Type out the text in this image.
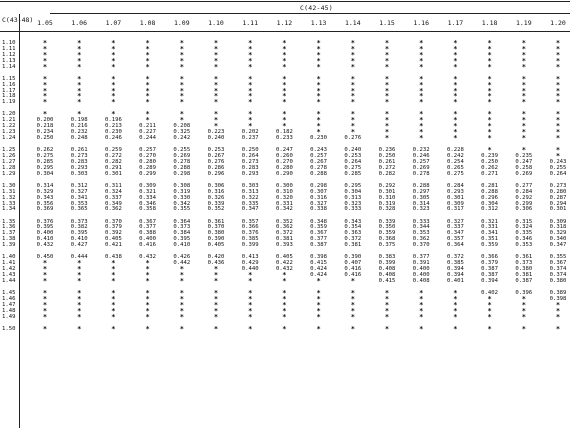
C(42-45)
C(43-48)
1.10	*	*	*	*	*	*	*	*	*	*	*	*	*	*	*	*
1.11	*	*	*	*	*	*	*	*	*	*	*	*	*	*	*	*
1.12	*	*	*	*	*	*	*	*	*	*	*	*	*	*	*	*
1.13	*	*	*	*	*	*	*	*	*	*	*	*	*	*	*	*
1.14	*	*	*	*	*	*	*	*	*	*	*	*	*	*	*	*
1.15	*	*	*	*	*	*	*	*	*	*	*	*	*	*	*	*
1.16	*	*	*	*	*	*	*	*	*	*	*	*	*	*	*	*
1.17	*	*	*	*	*	*	*	*	*	*	*	*	*	*	*	*
1.18	*	*	*	*	*	*	*	*	*	*	*	*	*	*	*	*
1.19	*	*	*	*	*	*	*	*	*	*	*	*	*	*	*	*
1.20	*	*	*	*	*	*	*	*	*	*	*	*	*	*	*	*
1.21	0.200	0.198	0.196	*	*	*	*	*	*	*	*	*	*	*	*	*
1.22	0.218	0.216	0.213	0.211	0.208	*	*	*	*	*	*	*	*	*	*	*
1.23	0.234	0.232	0.230	0.227	0.325	0.223	0.202	0.182	*	*	*	*	*	*	*	*
1.24	0.250	0.248	0.246	0.244	0.242	0.240	0.237	0.233	0.230	0.276	*	*	*	*	*	*
1.25	0.262	0.261	0.259	0.257	0.255	0.253	0.250	0.247	0.243	0.240	0.236	0.232	0.228	*	*	*
1.26	0.275	0.273	0.272	0.270	0.269	0.267	0.264	0.260	0.257	0.253	0.250	0.246	0.242	0.239	0.235	*
1.27	0.285	0.283	0.282	0.280	0.278	0.276	0.273	0.270	0.267	0.264	0.261	0.257	0.254	0.250	0.247	0.243
1.28	0.295	0.293	0.291	0.289	0.288	0.286	0.283	0.280	0.278	0.275	0.272	0.269	0.265	0.262	0.258	0.255
1.29	0.304	0.303	0.301	0.299	0.298	0.296	0.293	0.290	0.288	0.285	0.282	0.278	0.275	0.271	0.269	0.264
1.30	0.314	0.312	0.311	0.309	0.308	0.306	0.303	0.300	0.298	0.295	0.292	0.288	0.284	0.281	0.277	0.273
1.31	0.329	0.327	0.324	0.321	0.319	0.316	0.313	0.310	0.307	0.304	0.301	0.297	0.293	0.288	0.284	0.280
1.32	0.343	0.341	0.337	0.334	0.330	0.326	0.322	0.320	0.316	0.313	0.310	0.305	0.301	0.296	0.292	0.287
1.33	0.356	0.353	0.349	0.346	0.342	0.339	0.335	0.331	0.327	0.323	0.319	0.314	0.309	0.304	0.299	0.294
1.34	0.369	0.365	0.362	0.358	0.355	0.352	0.347	0.342	0.338	0.333	0.328	0.323	0.317	0.312	0.306	0.301
1.35	0.376	0.373	0.370	0.367	0.364	0.361	0.357	0.352	0.348	0.343	0.339	0.333	0.327	0.321	0.315	0.309
1.36	0.395	0.382	0.379	0.377	0.373	0.370	0.366	0.362	0.359	0.354	0.350	0.344	0.337	0.331	0.324	0.318
1.37	0.400	0.395	0.392	0.388	0.384	0.380	0.376	0.372	0.367	0.363	0.359	0.353	0.347	0.341	0.335	0.329
1.38	0.410	0.410	0.405	0.400	0.395	0.390	0.385	0.381	0.377	0.372	0.368	0.362	0.357	0.351	0.346	0.340
1.39	0.432	0.427	0.421	0.416	0.410	0.405	0.399	0.393	0.387	0.381	0.375	0.370	0.364	0.359	0.353	0.347
1.40	0.450	0.444	0.438	0.432	0.426	0.420	0.413	0.405	0.398	0.390	0.383	0.377	0.372	0.366	0.361	0.355
1.41	*	*	*	*	0.442	0.436	0.429	0.422	0.415	0.407	0.399	0.391	0.385	0.379	0.373	0.367
1.42	*	*	*	*	*	*	0.440	0.432	0.424	0.416	0.408	0.400	0.394	0.387	0.380	0.374
1.43	*	*	*	*	*	*	*	*	0.424	0.416	0.408	0.400	0.394	0.387	0.381	0.374
1.44	*	*	*	*	*	*	*	*	*	*	0.415	0.408	0.401	0.394	0.387	0.380
1.45	*	*	*	*	*	*	*	*	*	*	*	*	*	0.402	0.396	0.389
1.46	*	*	*	*	*	*	*	*	*	*	*	*	*	*	*	0.398
1.47	*	*	*	*	*	*	*	*	*	*	*	*	*	*	*	*
1.48	*	*	*	*	*	*	*	*	*	*	*	*	*	*	*	*
1.49	*	*	*	*	*	*	*	*	*	*	*	*	*	*	*	*
1.50	*	*	*	*	*	*	*	*	*	*	*	*	*	*	*	*
1.05	1.06	1.07	1.08	1.09	1.10	1.11	1.12	1.13	1.14	1.15	1.16	1.17	1.18	1.19	1.20
